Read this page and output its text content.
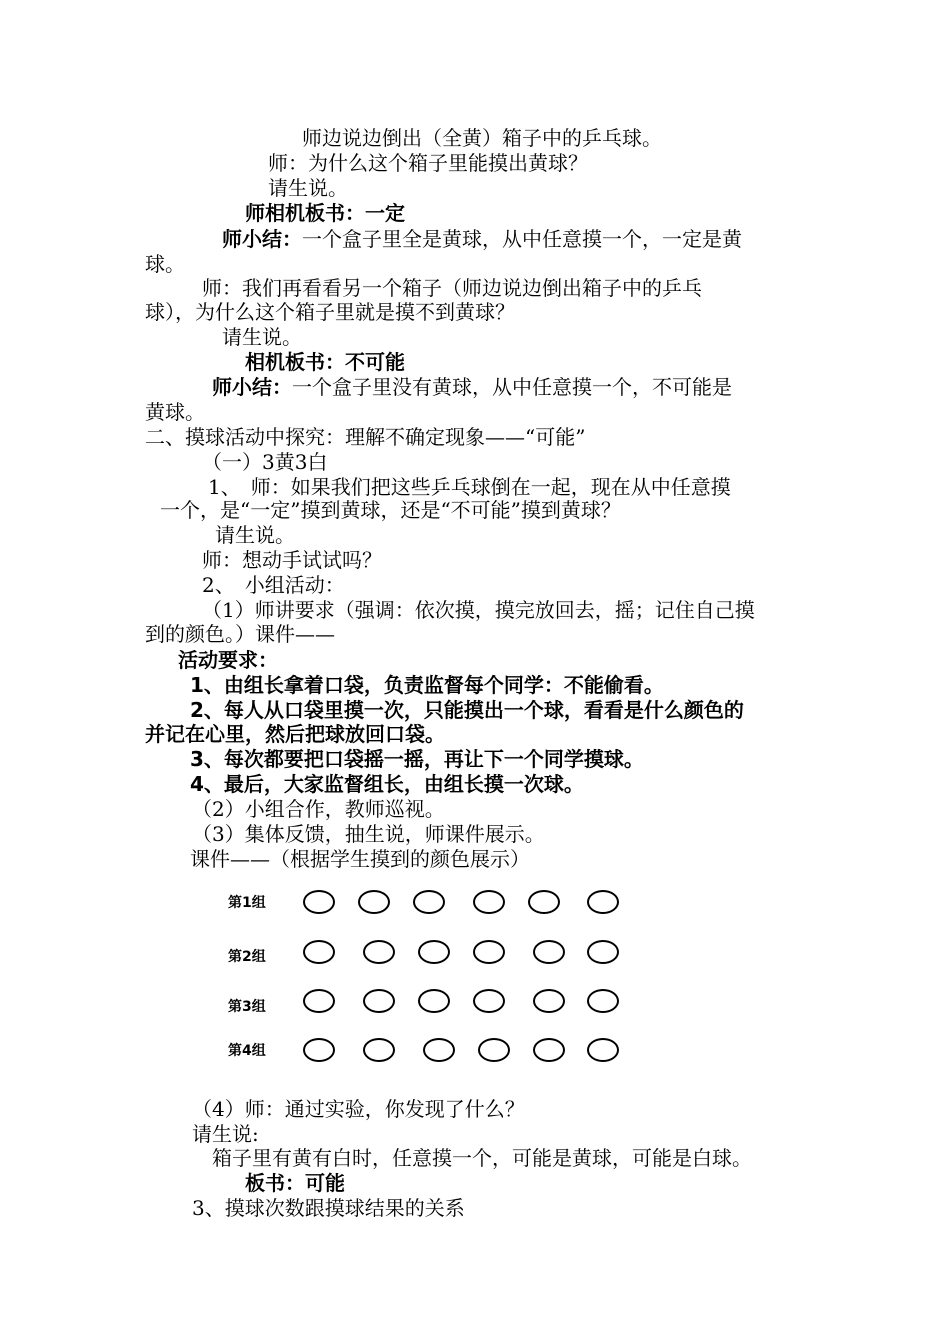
师边说边倒出（全黄）箱子中的乒乓球。
师：为什么这个箱子里能摸出黄球？
请生说。
师相机板书：一定
师小结：一个盒子里全是黄球，从中任意摸一个，一定是黄
球。
师：我们再看看另一个箱子（师边说边倒出箱子中的乒乓
球），为什么这个箱子里就是摸不到黄球？
请生说。
相机板书：不可能
师小结：一个盒子里没有黄球，从中任意摸一个，不可能是
黄球。
二、摸球活动中探究：理解不确定现象——“可能”
（一）3黄3白
1、　师：如果我们把这些乒乓球倒在一起，现在从中任意摸
一个，是“一定”摸到黄球，还是“不可能”摸到黄球？
请生说。
师：想动手试试吗？
2、　小组活动：
（1）师讲要求（强调：依次摸，摸完放回去，摇；记住自己摸
到的颜色。）课件——
活动要求：
1、由组长拿着口袋，负责监督每个同学：不能偷看。
2、每人从口袋里摸一次，只能摸出一个球，看看是什么颜色的
并记在心里，然后把球放回口袋。
3、每次都要把口袋摇一摇，再让下一个同学摸球。
4、最后，大家监督组长，由组长摸一次球。
（2）小组合作，教师巡视。
（3）集体反馈，抽生说，师课件展示。
课件——（根据学生摸到的颜色展示）
第1组
第2组
第3组
第4组
（4）师：通过实验，你发现了什么？
请生说:
箱子里有黄有白时，任意摸一个，可能是黄球，可能是白球。
板书：可能
3、摸球次数跟摸球结果的关系
